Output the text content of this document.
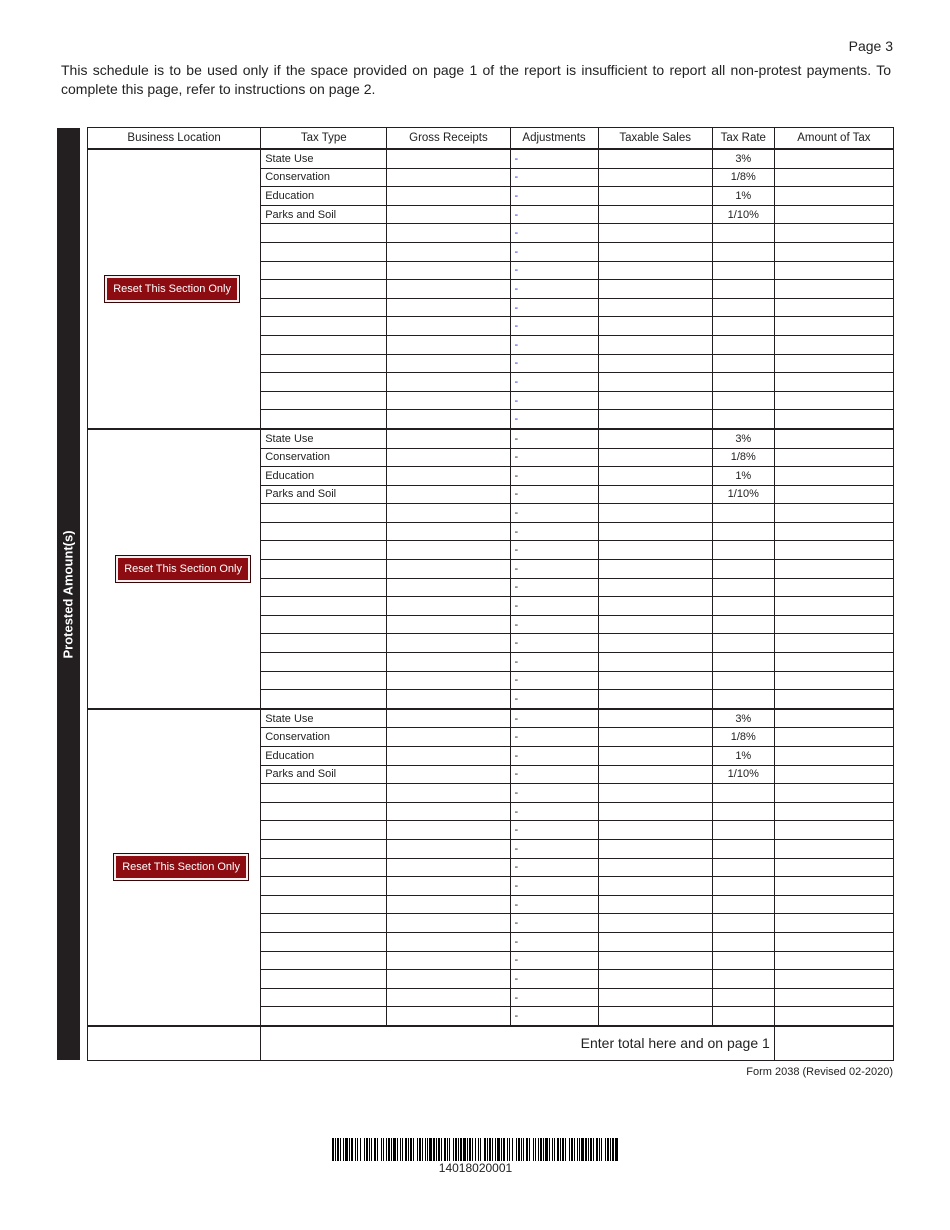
Page 3

This schedule is to be used only if the space provided on page 1 of the report is insufficient to report all non-protest payments. To complete this page, refer to instructions on page 2.

Protested Amount(s)
Business Location	Tax Type	Gross Receipts	Adjustments	Taxable Sales	Tax Rate	Amount of Tax
Reset This Section Only	State Use		-		3%	
	Conservation		-		1/8%	
	Education		-		1%	
	Parks and Soil		-		1/10%	
			-			
			-			
			-			
			-			
			-			
			-			
			-			
			-			
			-			
			-			
			-			
Reset This Section Only	State Use		-		3%	
	Conservation		-		1/8%	
	Education		-		1%	
	Parks and Soil		-		1/10%	
			-			
			-			
			-			
			-			
			-			
			-			
			-			
			-			
			-			
			-			
			-			
Reset This Section Only	State Use		-		3%	
	Conservation		-		1/8%	
	Education		-		1%	
	Parks and Soil		-		1/10%	
			-			
			-			
			-			
			-			
			-			
			-			
			-			
			-			
			-			
			-			
			-			
			-			
			-			
	Enter total here and on page 1					
Form 2038 (Revised 02-2020)
14018020001
